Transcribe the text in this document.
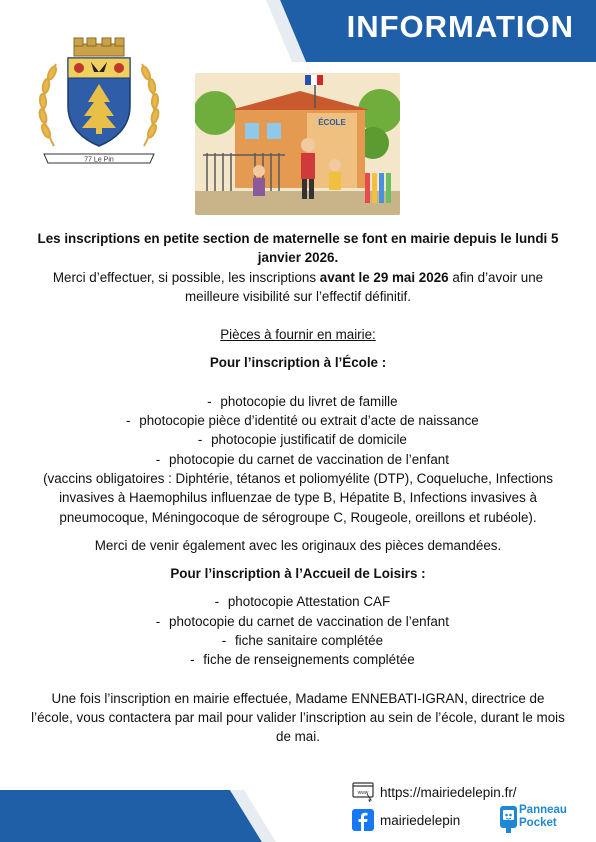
INFORMATION
77 Le Pin
ÉCOLE

Les inscriptions en petite section de maternelle se font en mairie depuis le lundi 5 janvier 2026.

Merci d’effectuer, si possible, les inscriptions avant le 29 mai 2026 afin d’avoir une meilleure visibilité sur l’effectif définitif.

Pièces à fournir en mairie:

Pour l’inscription à l’École :

- photocopie du livret de famille

- photocopie pièce d’identité ou extrait d’acte de naissance

- photocopie justificatif de domicile

- photocopie du carnet de vaccination de l’enfant

(vaccins obligatoires : Diphtérie, tétanos et poliomyélite (DTP), Coqueluche, Infections invasives à Haemophilus influenzae de type B, Hépatite B, Infections invasives à pneumocoque, Méningocoque de sérogroupe C, Rougeole, oreillons et rubéole).

Merci de venir également avec les originaux des pièces demandées.

Pour l’inscription à l’Accueil de Loisirs :

- photocopie Attestation CAF

- photocopie du carnet de vaccination de l’enfant

- fiche sanitaire complétée

- fiche de renseignements complétée

Une fois l’inscription en mairie effectuée, Madame ENNEBATI-IGRAN, directrice de l’école, vous contactera par mail pour valider l’inscription au sein de l’école, durant le mois de mai.

www https://mairiedelepin.fr/
mairiedelepin
Panneau
Pocket
